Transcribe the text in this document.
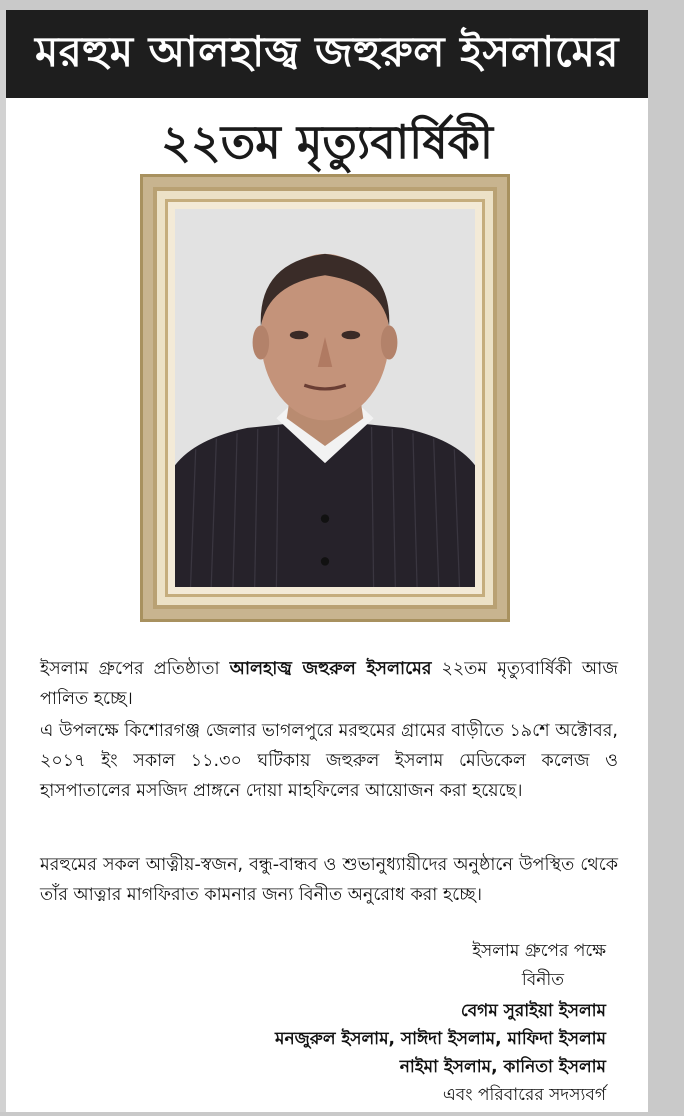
মরহুম আলহাজ্ব জহুরুল ইসলামের
২২তম মৃত্যুবার্ষিকী
ইসলাম গ্রুপের প্রতিষ্ঠাতা আলহাজ্ব জহুরুল ইসলামের ২২তম মৃত্যুবার্ষিকী আজ পালিত হচ্ছে।
এ উপলক্ষে কিশোরগঞ্জ জেলার ভাগলপুরে মরহুমের গ্রামের বাড়ীতে ১৯শে অক্টোবর, ২০১৭ ইং সকাল ১১.৩০ ঘটিকায় জহুরুল ইসলাম মেডিকেল কলেজ ও হাসপাতালের মসজিদ প্রাঙ্গনে দোয়া মাহফিলের আয়োজন করা হয়েছে।
মরহুমের সকল আত্নীয়-স্বজন, বন্ধু-বান্ধব ও শুভানুধ্যায়ীদের অনুষ্ঠানে উপস্থিত থেকে তাঁর আত্নার মাগফিরাত কামনার জন্য বিনীত অনুরোধ করা হচ্ছে।
ইসলাম গ্রুপের পক্ষে
বিনীত
বেগম সুরাইয়া ইসলাম
মনজুরুল ইসলাম, সাঈদা ইসলাম, মাফিদা ইসলাম
নাইমা ইসলাম, কানিতা ইসলাম
এবং পরিবারের সদস্যবর্গ
